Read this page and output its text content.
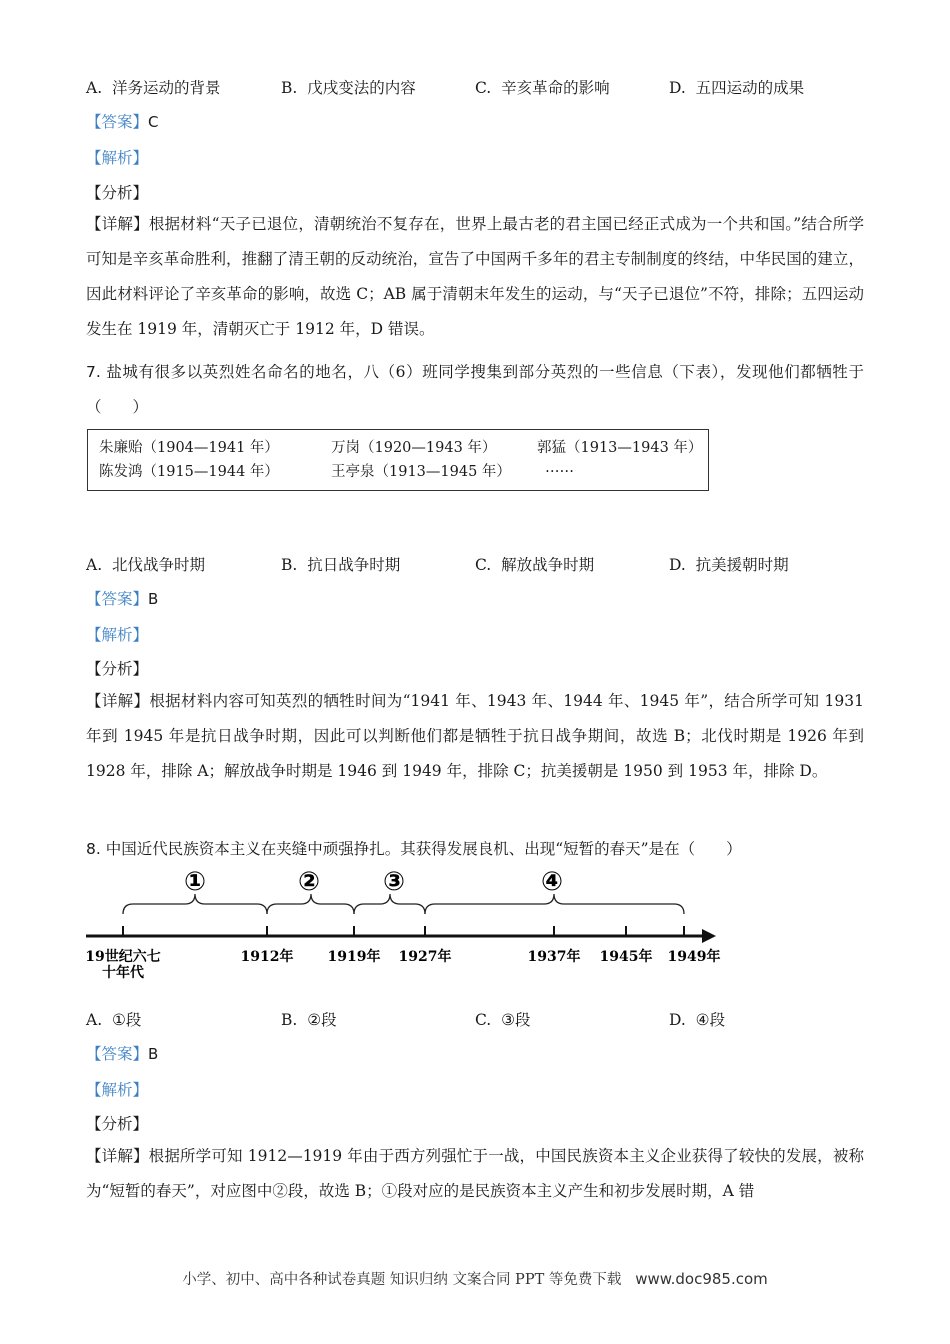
A. 洋务运动的背景	B. 戊戌变法的内容	C. 辛亥革命的影响	D. 五四运动的成果
【答案】C
【解析】
【分析】
【详解】根据材料“天子已退位，清朝统治不复存在，世界上最古老的君主国已经正式成为一个共和国。”结合所学可知是辛亥革命胜利，推翻了清王朝的反动统治，宣告了中国两千多年的君主专制制度的终结，中华民国的建立，因此材料评论了辛亥革命的影响，故选 C；AB 属于清朝末年发生的运动，与“天子已退位”不符，排除；五四运动发生在 1919 年，清朝灭亡于 1912 年，D 错误。
7. 盐城有很多以英烈姓名命名的地名，八（6）班同学搜集到部分英烈的一些信息（下表），发现他们都牺牲于（　　）
朱廉贻（1904—1941 年）	万岗（1920—1943 年）	郭猛（1913—1943 年）
陈发鸿（1915—1944 年）	王亭泉（1913—1945 年） ……
A. 北伐战争时期	B. 抗日战争时期	C. 解放战争时期	D. 抗美援朝时期
【答案】B
【解析】
【分析】
【详解】根据材料内容可知英烈的牺牲时间为“1941 年、1943 年、1944 年、1945 年”，结合所学可知 1931 年到 1945 年是抗日战争时期，因此可以判断他们都是牺牲于抗日战争期间，故选 B；北伐时期是 1926 年到 1928 年，排除 A；解放战争时期是 1946 到 1949 年，排除 C；抗美援朝是 1950 到 1953 年，排除 D。
8. 中国近代民族资本主义在夹缝中顽强挣扎。其获得发展良机、出现“短暂的春天”是在（　　）
①	② ③	④
19世纪六七
十年代
1912年 1919年 1927年	1937年 1945年 1949年
A. ①段	B. ②段	C. ③段	D. ④段
【答案】B
【解析】
【分析】
【详解】根据所学可知 1912—1919 年由于西方列强忙于一战，中国民族资本主义企业获得了较快的发展，被称为“短暂的春天”，对应图中②段，故选 B；①段对应的是民族资本主义产生和初步发展时期，A 错
小学、初中、高中各种试卷真题 知识归纳 文案合同 PPT 等免费下载 www.doc985.com
